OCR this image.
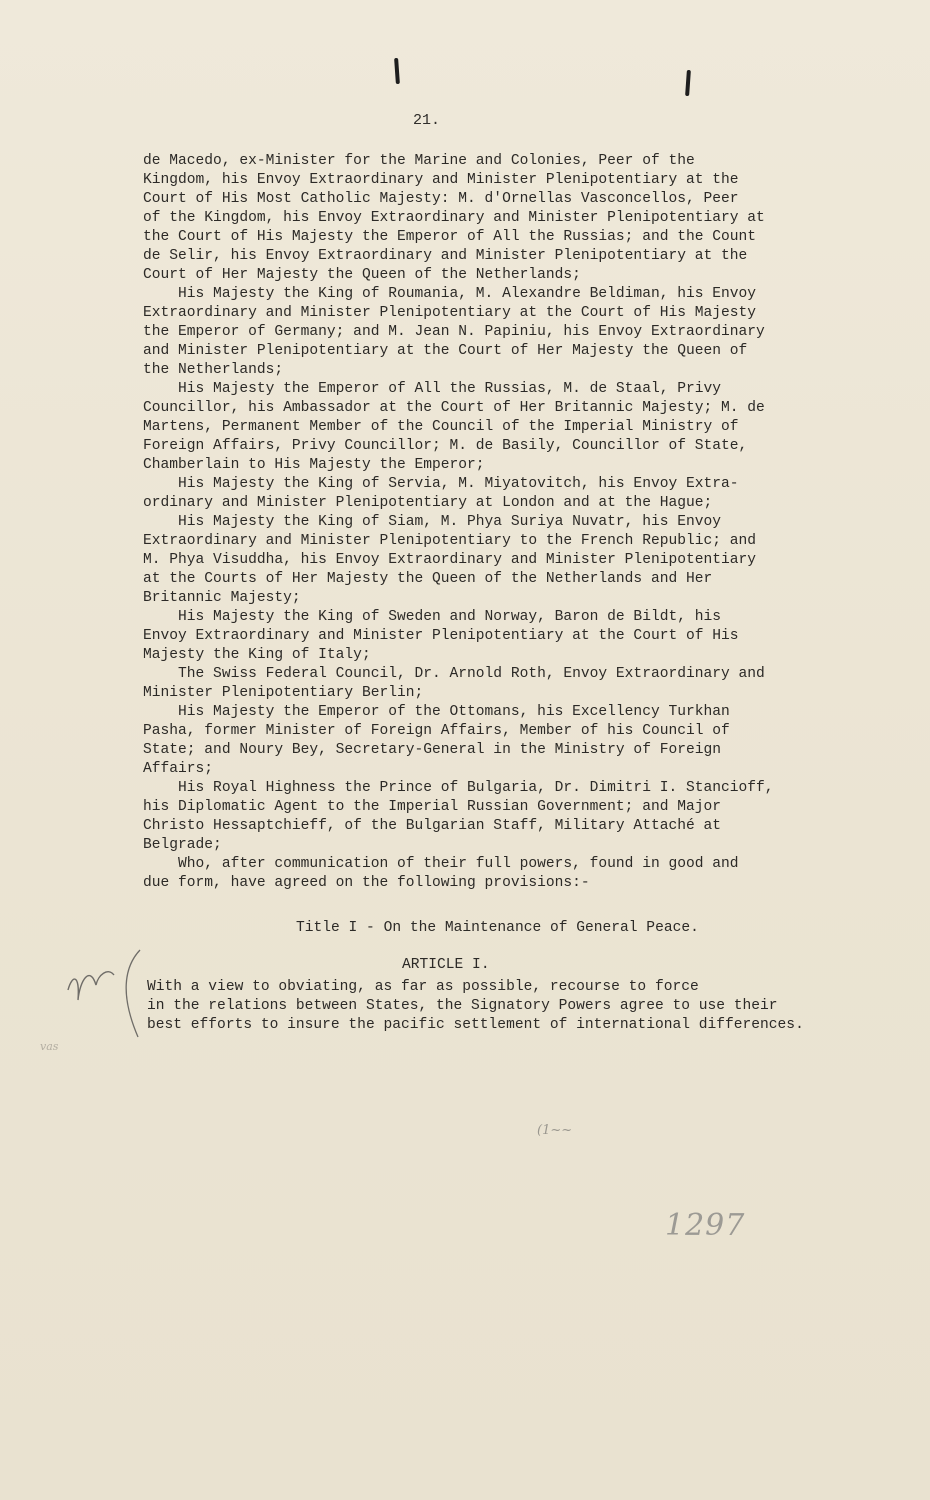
21.
de Macedo, ex-Minister for the Marine and Colonies, Peer of the
Kingdom, his Envoy Extraordinary and Minister Plenipotentiary at the
Court of His Most Catholic Majesty: M. d'Ornellas Vasconcellos, Peer
of the Kingdom, his Envoy Extraordinary and Minister Plenipotentiary at
the Court of His Majesty the Emperor of All the Russias; and the Count
de Selir, his Envoy Extraordinary and Minister Plenipotentiary at the
Court of Her Majesty the Queen of the Netherlands;
His Majesty the King of Roumania, M. Alexandre Beldiman, his Envoy
Extraordinary and Minister Plenipotentiary at the Court of His Majesty
the Emperor of Germany; and M. Jean N. Papiniu, his Envoy Extraordinary
and Minister Plenipotentiary at the Court of Her Majesty the Queen of
the Netherlands;
His Majesty the Emperor of All the Russias, M. de Staal, Privy
Councillor, his Ambassador at the Court of Her Britannic Majesty; M. de
Martens, Permanent Member of the Council of the Imperial Ministry of
Foreign Affairs, Privy Councillor; M. de Basily, Councillor of State,
Chamberlain to His Majesty the Emperor;
His Majesty the King of Servia, M. Miyatovitch, his Envoy Extra-
ordinary and Minister Plenipotentiary at London and at the Hague;
His Majesty the King of Siam, M. Phya Suriya Nuvatr, his Envoy
Extraordinary and Minister Plenipotentiary to the French Republic; and
M. Phya Visuddha, his Envoy Extraordinary and Minister Plenipotentiary
at the Courts of Her Majesty the Queen of the Netherlands and Her
Britannic Majesty;
His Majesty the King of Sweden and Norway, Baron de Bildt, his
Envoy Extraordinary and Minister Plenipotentiary at the Court of His
Majesty the King of Italy;
The Swiss Federal Council, Dr. Arnold Roth, Envoy Extraordinary and
Minister Plenipotentiary Berlin;
His Majesty the Emperor of the Ottomans, his Excellency Turkhan
Pasha, former Minister of Foreign Affairs, Member of his Council of
State; and Noury Bey, Secretary-General in the Ministry of Foreign
Affairs;
His Royal Highness the Prince of Bulgaria, Dr. Dimitri I. Stancioff,
his Diplomatic Agent to the Imperial Russian Government; and Major
Christo Hessaptchieff, of the Bulgarian Staff, Military Attaché at
Belgrade;
Who, after communication of their full powers, found in good and
due form, have agreed on the following provisions:-
Title I - On the Maintenance of General Peace.
ARTICLE I.
With a view to obviating, as far as possible, recourse to force
in the relations between States, the Signatory Powers agree to use their
best efforts to insure the pacific settlement of international differences.
vas
(1~~
1297
